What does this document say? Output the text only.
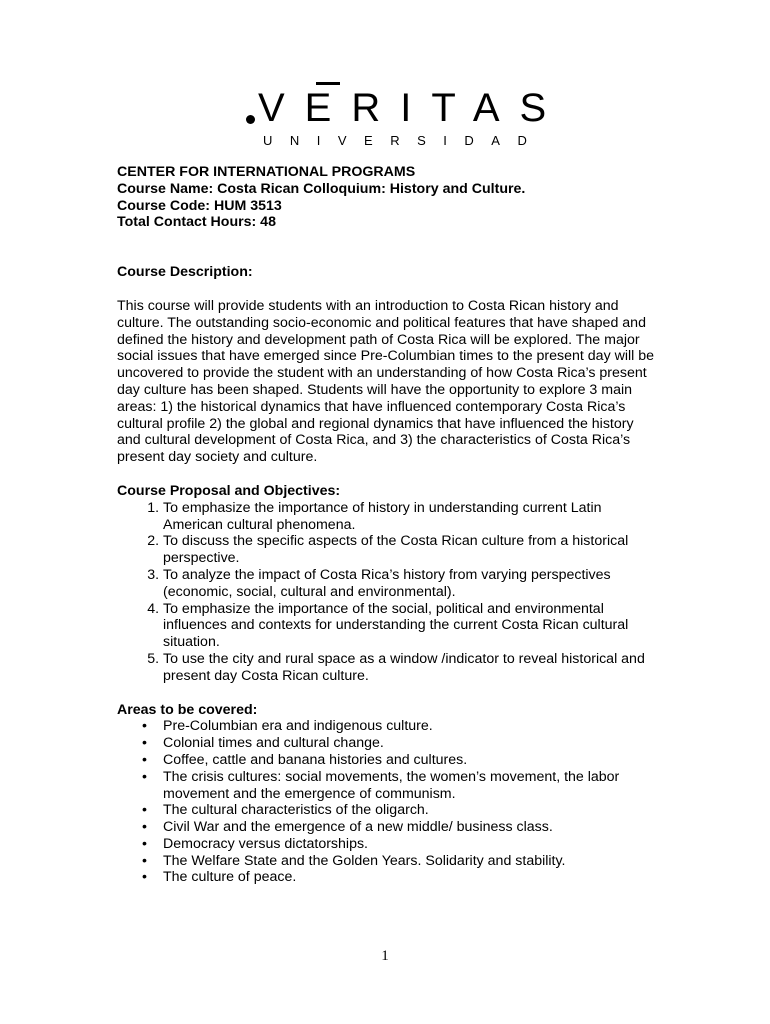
VERITAS
UNIVERSIDAD
CENTER FOR INTERNATIONAL PROGRAMS
Course Name: Costa Rican Colloquium: History and Culture.
Course Code: HUM 3513
Total Contact Hours: 48
Course Description:

This course will provide students with an introduction to Costa Rican history and culture. The outstanding socio-economic and political features that have shaped and defined the history and development path of Costa Rica will be explored. The major social issues that have emerged since Pre-Columbian times to the present day will be uncovered to provide the student with an understanding of how Costa Rica’s present day culture has been shaped. Students will have the opportunity to explore 3 main areas: 1) the historical dynamics that have influenced contemporary Costa Rica’s cultural profile 2) the global and regional dynamics that have influenced the history and cultural development of Costa Rica, and 3) the characteristics of Costa Rica’s present day society and culture.

Course Proposal and Objectives:
1. To emphasize the importance of history in understanding current Latin American cultural phenomena.
2. To discuss the specific aspects of the Costa Rican culture from a historical perspective.
3. To analyze the impact of Costa Rica’s history from varying perspectives (economic, social, cultural and environmental).
4. To emphasize the importance of the social, political and environmental influences and contexts for understanding the current Costa Rican cultural situation.
5. To use the city and rural space as a window /indicator to reveal historical and present day Costa Rican culture.
Areas to be covered:
• Pre-Columbian era and indigenous culture.
• Colonial times and cultural change.
• Coffee, cattle and banana histories and cultures.
• The crisis cultures: social movements, the women’s movement, the labor movement and the emergence of communism.
• The cultural characteristics of the oligarch.
• Civil War and the emergence of a new middle/ business class.
• Democracy versus dictatorships.
• The Welfare State and the Golden Years. Solidarity and stability.
• The culture of peace.
1
